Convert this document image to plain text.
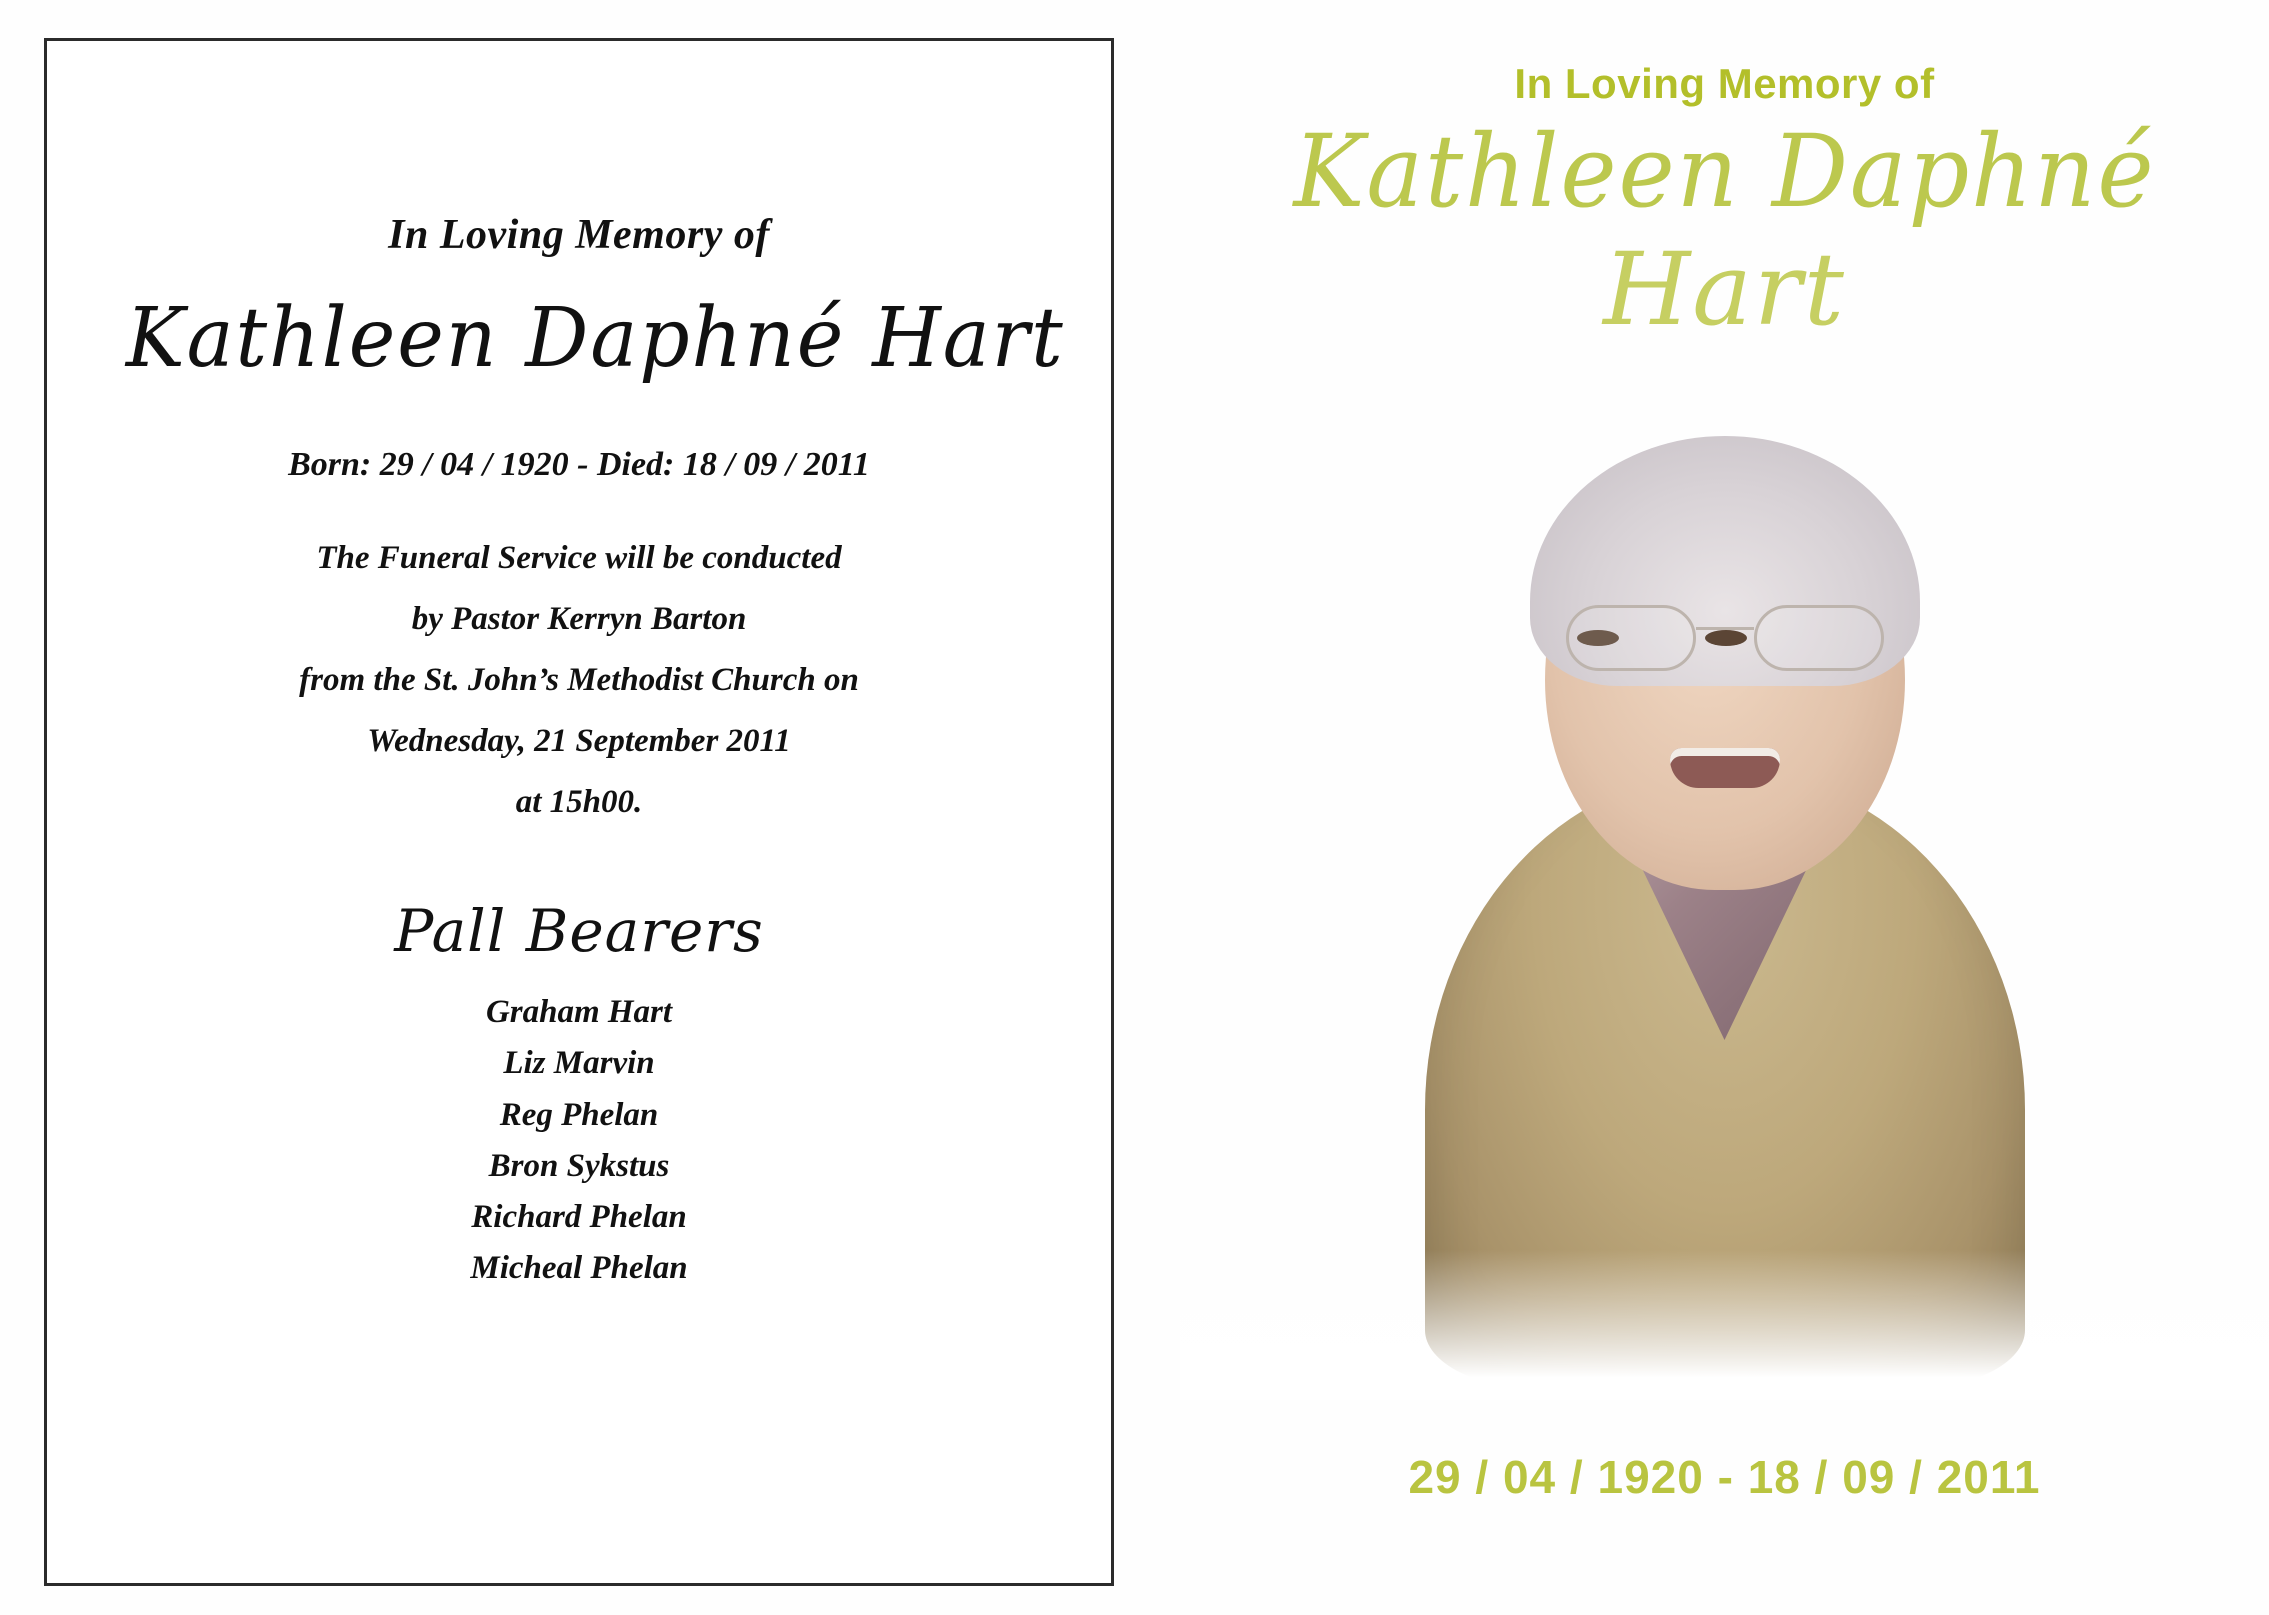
In Loving Memory of
Kathleen Daphné Hart
Born: 29 / 04 / 1920 - Died: 18 / 09 / 2011
The Funeral Service will be conducted
by Pastor Kerryn Barton
from the St. John’s Methodist Church on
Wednesday, 21 September 2011
at 15h00.
Pall Bearers
Graham Hart
Liz Marvin
Reg Phelan
Bron Sykstus
Richard Phelan
Micheal Phelan
In Loving Memory of
Kathleen Daphné
Hart
29 / 04 / 1920 - 18 / 09 / 2011
